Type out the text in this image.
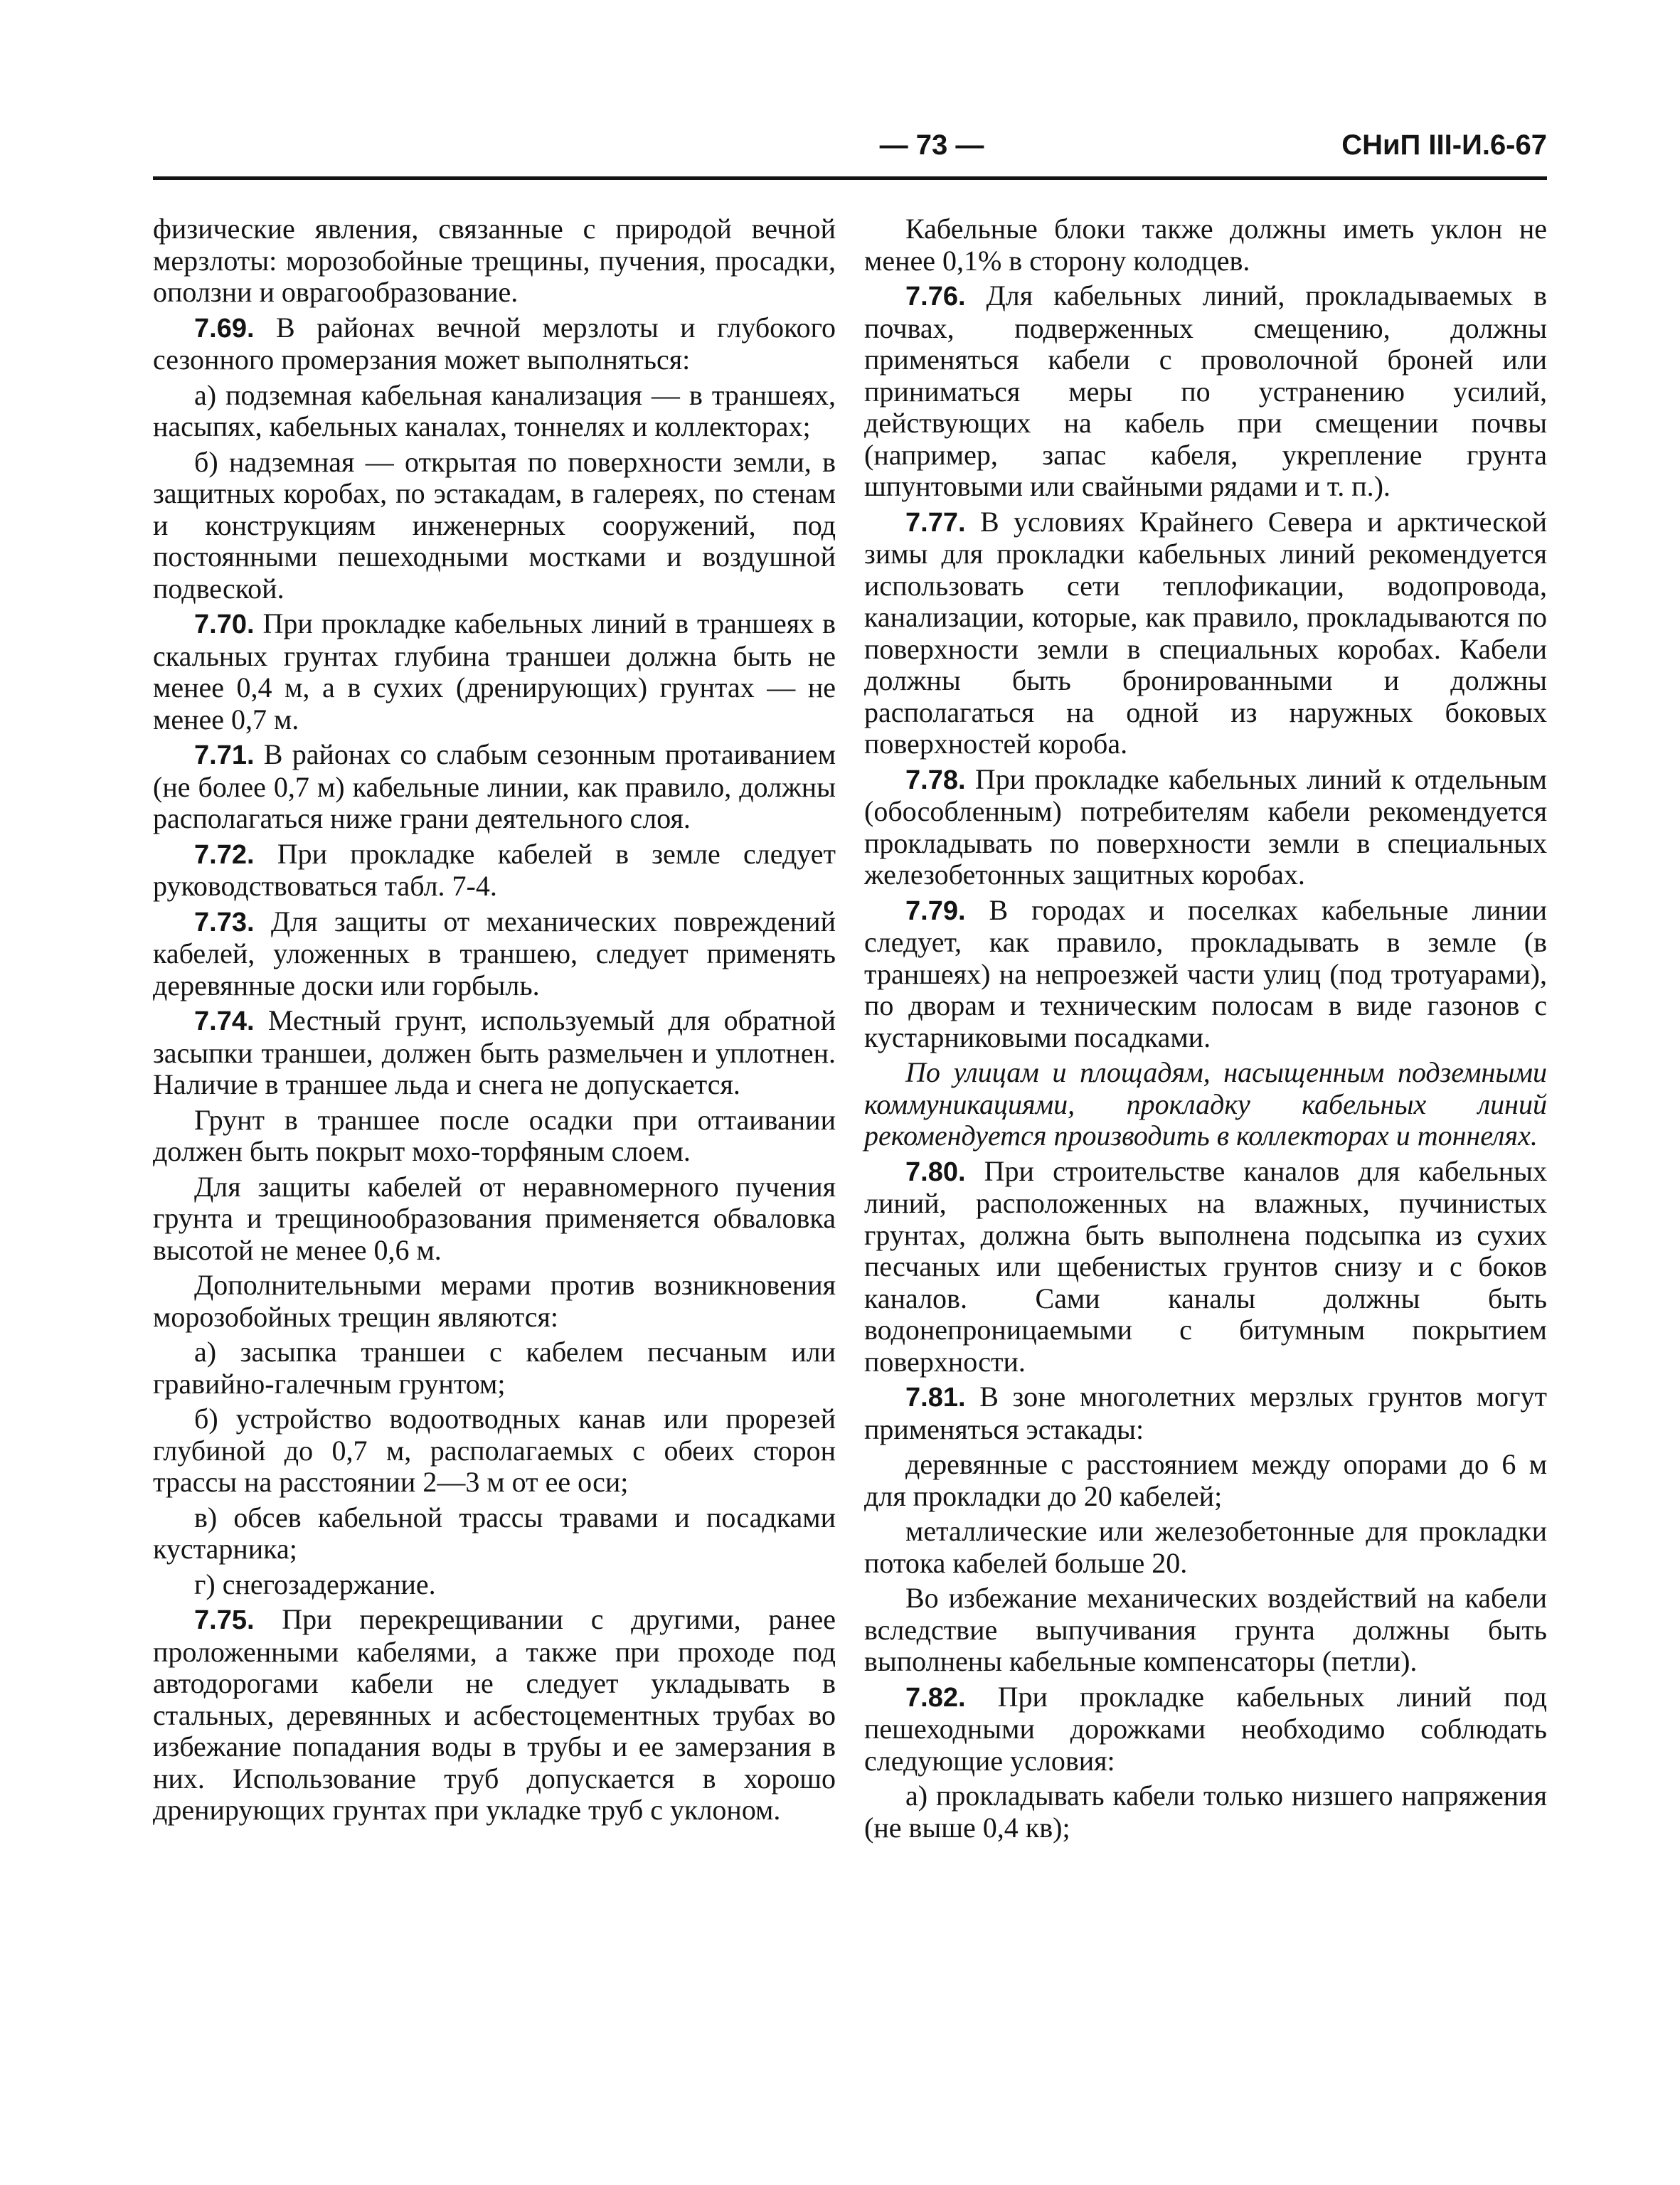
— 73 —	СНиП III-И.6-67

физические явления, связанные с природой вечной мерзлоты: морозобойные трещины, пучения, просадки, оползни и оврагообразование.

7.69. В районах вечной мерзлоты и глубокого сезонного промерзания может выполняться:

а) подземная кабельная канализация — в траншеях, насыпях, кабельных каналах, тоннелях и коллекторах;

б) надземная — открытая по поверхности земли, в защитных коробах, по эстакадам, в галереях, по стенам и конструкциям инженерных сооружений, под постоянными пешеходными мостками и воздушной подвеской.

7.70. При прокладке кабельных линий в траншеях в скальных грунтах глубина траншеи должна быть не менее 0,4 м, а в сухих (дренирующих) грунтах — не менее 0,7 м.

7.71. В районах со слабым сезонным протаиванием (не более 0,7 м) кабельные линии, как правило, должны располагаться ниже грани деятельного слоя.

7.72. При прокладке кабелей в земле следует руководствоваться табл. 7-4.

7.73. Для защиты от механических повреждений кабелей, уложенных в траншею, следует применять деревянные доски или горбыль.

7.74. Местный грунт, используемый для обратной засыпки траншеи, должен быть размельчен и уплотнен. Наличие в траншее льда и снега не допускается.

Грунт в траншее после осадки при оттаивании должен быть покрыт мохо-торфяным слоем.

Для защиты кабелей от неравномерного пучения грунта и трещинообразования применяется обваловка высотой не менее 0,6 м.

Дополнительными мерами против возникновения морозобойных трещин являются:

а) засыпка траншеи с кабелем песчаным или гравийно-галечным грунтом;

б) устройство водоотводных канав или прорезей глубиной до 0,7 м, располагаемых с обеих сторон трассы на расстоянии 2—3 м от ее оси;

в) обсев кабельной трассы травами и посадками кустарника;

г) снегозадержание.

7.75. При перекрещивании с другими, ранее проложенными кабелями, а также при проходе под автодорогами кабели не следует укладывать в стальных, деревянных и асбестоцементных трубах во избежание попадания воды в трубы и ее замерзания в них. Использование труб допускается в хорошо дренирующих грунтах при укладке труб с уклоном.

Кабельные блоки также должны иметь уклон не менее 0,1% в сторону колодцев.

7.76. Для кабельных линий, прокладываемых в почвах, подверженных смещению, должны применяться кабели с проволочной броней или приниматься меры по устранению усилий, действующих на кабель при смещении почвы (например, запас кабеля, укрепление грунта шпунтовыми или свайными рядами и т. п.).

7.77. В условиях Крайнего Севера и арктической зимы для прокладки кабельных линий рекомендуется использовать сети теплофикации, водопровода, канализации, которые, как правило, прокладываются по поверхности земли в специальных коробах. Кабели должны быть бронированными и должны располагаться на одной из наружных боковых поверхностей короба.

7.78. При прокладке кабельных линий к отдельным (обособленным) потребителям кабели рекомендуется прокладывать по поверхности земли в специальных железобетонных защитных коробах.

7.79. В городах и поселках кабельные линии следует, как правило, прокладывать в земле (в траншеях) на непроезжей части улиц (под тротуарами), по дворам и техническим полосам в виде газонов с кустарниковыми посадками.

По улицам и площадям, насыщенным подземными коммуникациями, прокладку кабельных линий рекомендуется производить в коллекторах и тоннелях.

7.80. При строительстве каналов для кабельных линий, расположенных на влажных, пучинистых грунтах, должна быть выполнена подсыпка из сухих песчаных или щебенистых грунтов снизу и с боков каналов. Сами каналы должны быть водонепроницаемыми с битумным покрытием поверхности.

7.81. В зоне многолетних мерзлых грунтов могут применяться эстакады:

деревянные с расстоянием между опорами до 6 м для прокладки до 20 кабелей;

металлические или железобетонные для прокладки потока кабелей больше 20.

Во избежание механических воздействий на кабели вследствие выпучивания грунта должны быть выполнены кабельные компенсаторы (петли).

7.82. При прокладке кабельных линий под пешеходными дорожками необходимо соблюдать следующие условия:

а) прокладывать кабели только низшего напряжения (не выше 0,4 кв);
